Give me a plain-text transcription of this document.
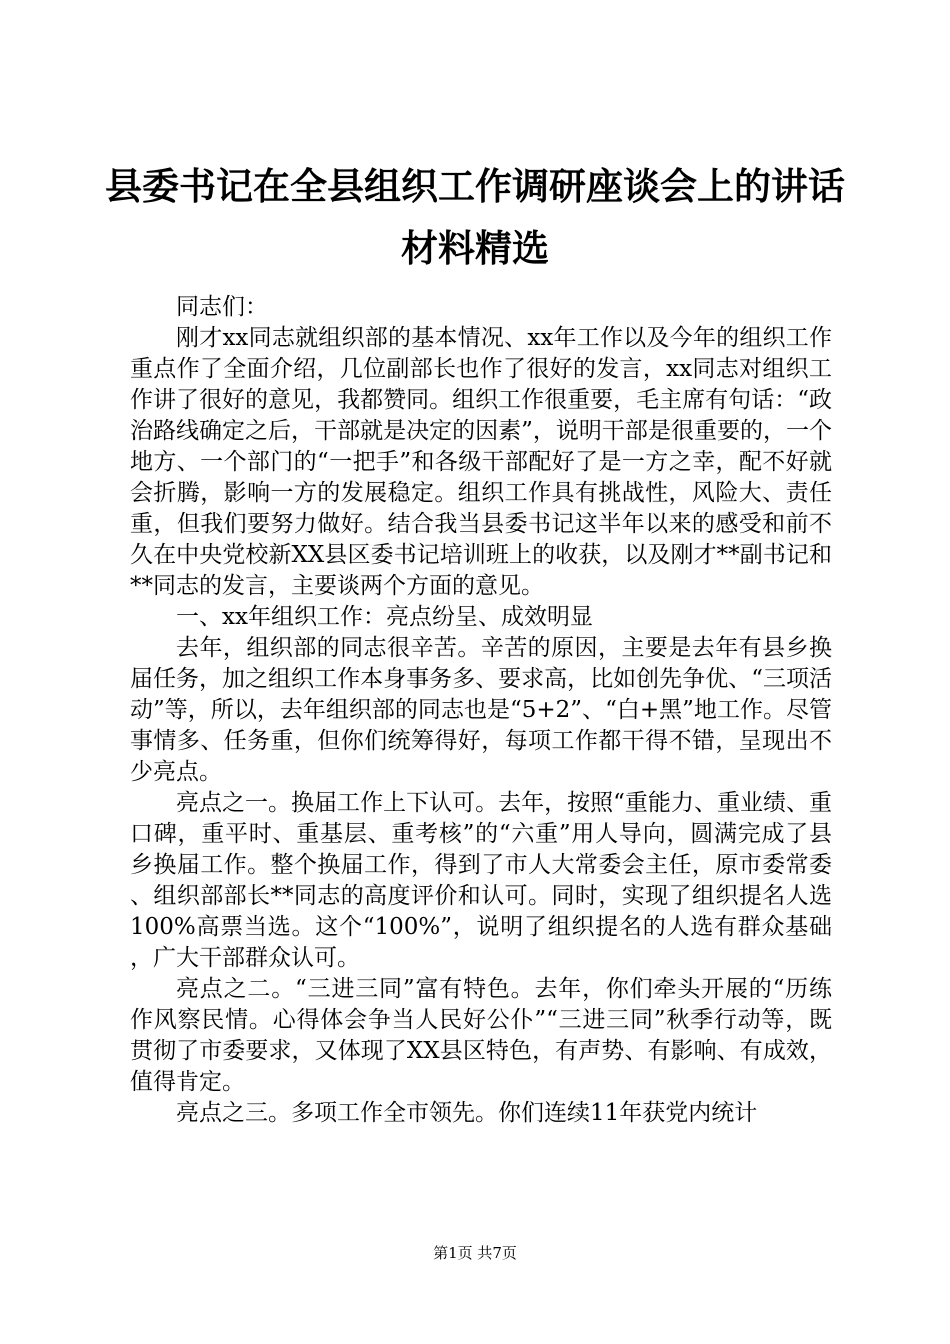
县委书记在全县组织工作调研座谈会上的讲话
材料精选

同志们：

刚才xx同志就组织部的基本情况、xx年工作以及今年的组织工作重点作了全面介绍，几位副部长也作了很好的发言，xx同志对组织工作讲了很好的意见，我都赞同。组织工作很重要，毛主席有句话：“政治路线确定之后，干部就是决定的因素”，说明干部是很重要的，一个地方、一个部门的“一把手”和各级干部配好了是一方之幸，配不好就会折腾，影响一方的发展稳定。组织工作具有挑战性，风险大、责任重，但我们要努力做好。结合我当县委书记这半年以来的感受和前不久在中央党校新XX县区委书记培训班上的收获，以及刚才**副书记和**同志的发言，主要谈两个方面的意见。

一、xx年组织工作：亮点纷呈、成效明显

去年，组织部的同志很辛苦。辛苦的原因，主要是去年有县乡换届任务，加之组织工作本身事务多、要求高，比如创先争优、“三项活动”等，所以，去年组织部的同志也是“5+2”、“白+黑”地工作。尽管事情多、任务重，但你们统筹得好，每项工作都干得不错，呈现出不少亮点。

亮点之一。换届工作上下认可。去年，按照“重能力、重业绩、重口碑，重平时、重基层、重考核”的“六重”用人导向，圆满完成了县乡换届工作。整个换届工作，得到了市人大常委会主任，原市委常委、组织部部长**同志的高度评价和认可。同时，实现了组织提名人选100%高票当选。这个“100%”，说明了组织提名的人选有群众基础，广大干部群众认可。

亮点之二。“三进三同”富有特色。去年，你们牵头开展的“历练作风察民情。心得体会争当人民好公仆”“三进三同”秋季行动等，既贯彻了市委要求，又体现了XX县区特色，有声势、有影响、有成效，值得肯定。

亮点之三。多项工作全市领先。你们连续11年获党内统计

第1页 共7页
